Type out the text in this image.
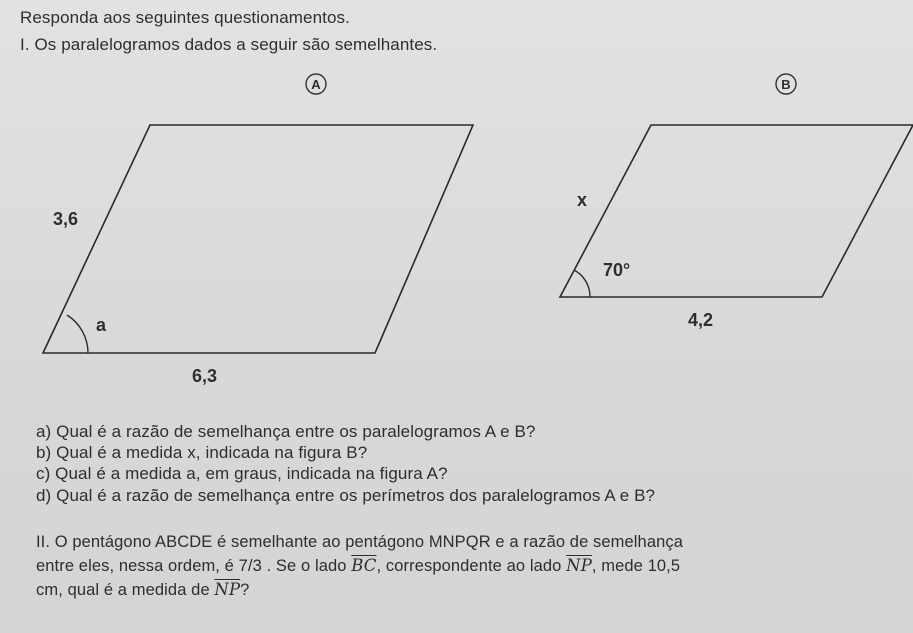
Responda aos seguintes questionamentos.
I. Os paralelogramos dados a seguir são semelhantes.
A	B
3,6
a
6,3
x
70°
4,2
a) Qual é a razão de semelhança entre os paralelogramos A e B?
b) Qual é a medida x, indicada na figura B?
c) Qual é a medida a, em graus, indicada na figura A?
d) Qual é a razão de semelhança entre os perímetros dos paralelogramos A e B?
II. O pentágono ABCDE é semelhante ao pentágono MNPQR e a razão de semelhança
entre eles, nessa ordem, é 7/3 . Se o lado $\overline{BC}$, correspondente ao lado $\overline{NP}$, mede 10,5
cm, qual é a medida de $\overline{NP}$?
